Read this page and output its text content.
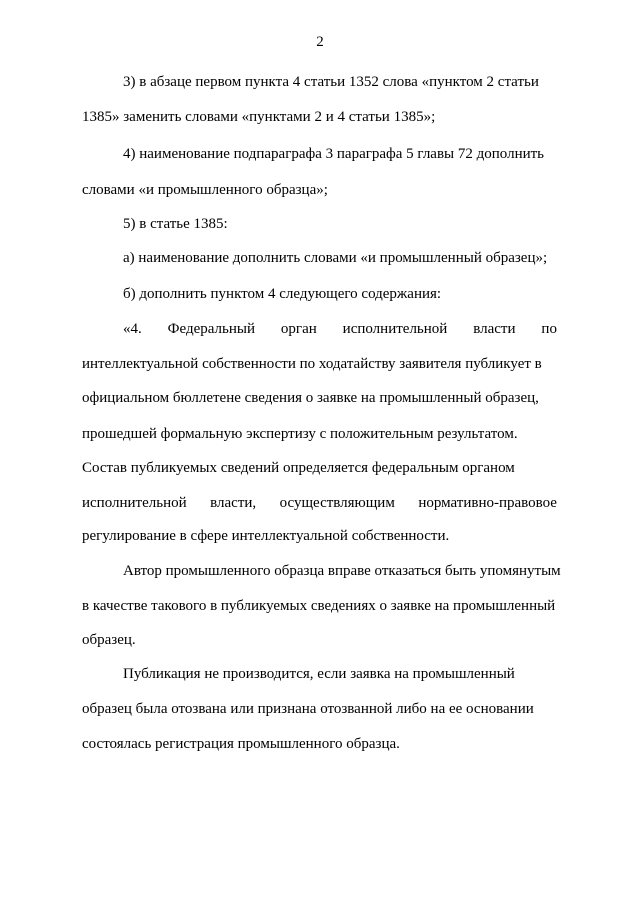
2
3) в абзаце первом пункта 4 статьи 1352 слова «пунктом 2 статьи
1385» заменить словами «пунктами 2 и 4 статьи 1385»;
4) наименование подпараграфа 3 параграфа 5 главы 72 дополнить
словами «и промышленного образца»;
5) в статье 1385:
а) наименование дополнить словами «и промышленный образец»;
б) дополнить пунктом 4 следующего содержания:
«4. Федеральный орган исполнительной власти по
интеллектуальной собственности по ходатайству заявителя публикует в
официальном бюллетене сведения о заявке на промышленный образец,
прошедшей формальную экспертизу с положительным результатом.
Состав публикуемых сведений определяется федеральным органом
исполнительной власти, осуществляющим нормативно-правовое
регулирование в сфере интеллектуальной собственности.
Автор промышленного образца вправе отказаться быть упомянутым
в качестве такового в публикуемых сведениях о заявке на промышленный
образец.
Публикация не производится, если заявка на промышленный
образец была отозвана или признана отозванной либо на ее основании
состоялась регистрация промышленного образца.
